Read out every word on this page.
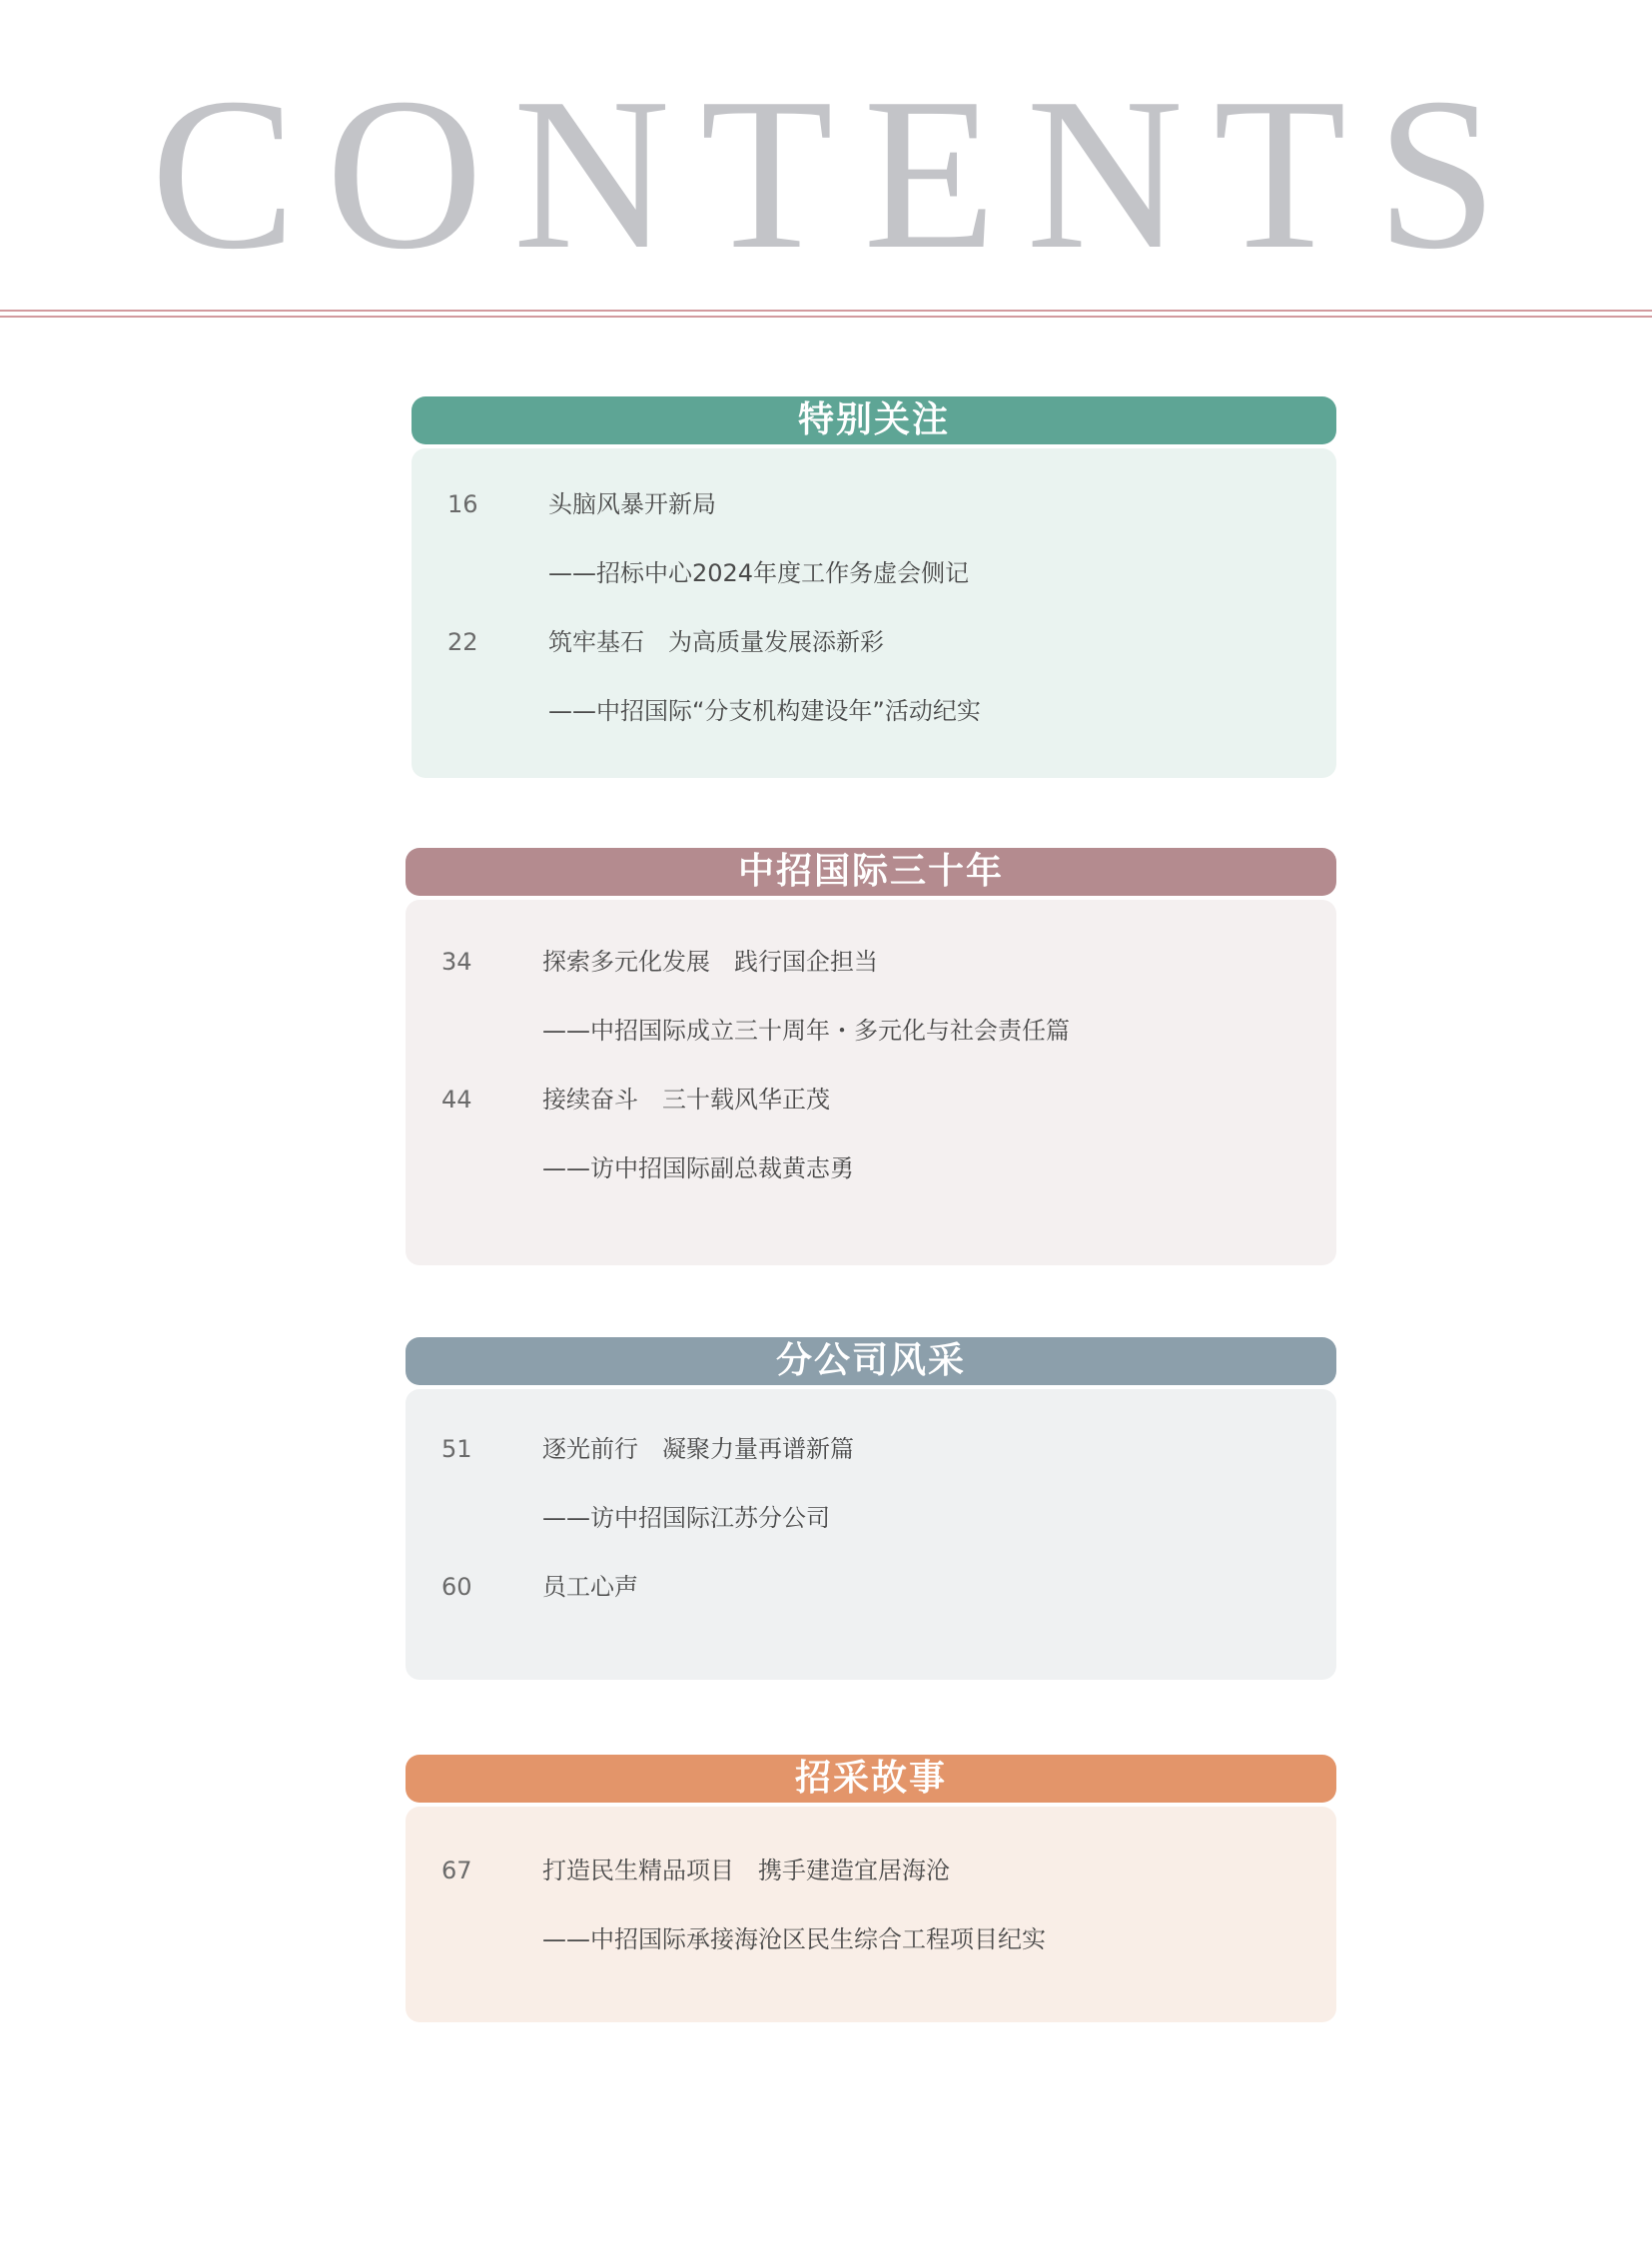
CONTENTS
特别关注
16	头脑风暴开新局
——招标中心2024年度工作务虚会侧记
22	筑牢基石　为高质量发展添新彩
——中招国际“分支机构建设年”活动纪实
中招国际三十年
34	探索多元化发展　践行国企担当
——中招国际成立三十周年・多元化与社会责任篇
44	接续奋斗　三十载风华正茂
——访中招国际副总裁黄志勇
分公司风采
51	逐光前行　凝聚力量再谱新篇
——访中招国际江苏分公司
60	员工心声
招采故事
67	打造民生精品项目　携手建造宜居海沧
——中招国际承接海沧区民生综合工程项目纪实
